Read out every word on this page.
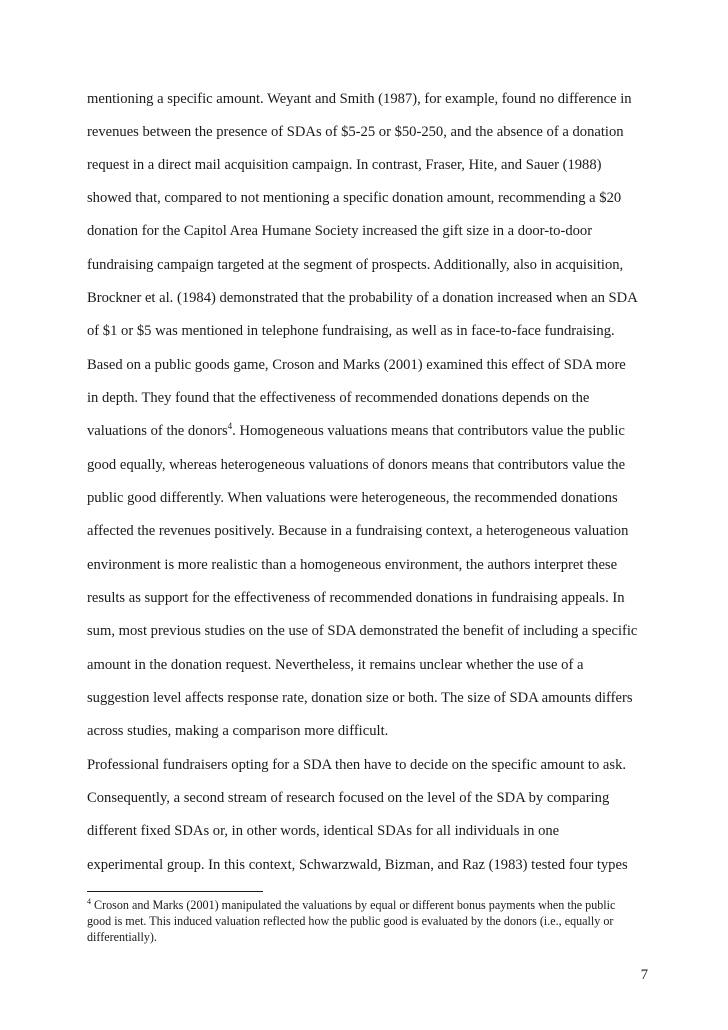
mentioning a specific amount. Weyant and Smith (1987), for example, found no difference in
revenues between the presence of SDAs of $5-25 or $50-250, and the absence of a donation
request in a direct mail acquisition campaign. In contrast, Fraser, Hite, and Sauer (1988)
showed that, compared to not mentioning a specific donation amount, recommending a $20
donation for the Capitol Area Humane Society increased the gift size in a door-to-door
fundraising campaign targeted at the segment of prospects. Additionally, also in acquisition,
Brockner et al. (1984) demonstrated that the probability of a donation increased when an SDA
of $1 or $5 was mentioned in telephone fundraising, as well as in face-to-face fundraising.
Based on a public goods game, Croson and Marks (2001) examined this effect of SDA more
in depth. They found that the effectiveness of recommended donations depends on the
valuations of the donors$^4$. Homogeneous valuations means that contributors value the public
good equally, whereas heterogeneous valuations of donors means that contributors value the
public good differently. When valuations were heterogeneous, the recommended donations
affected the revenues positively. Because in a fundraising context, a heterogeneous valuation
environment is more realistic than a homogeneous environment, the authors interpret these
results as support for the effectiveness of recommended donations in fundraising appeals. In
sum, most previous studies on the use of SDA demonstrated the benefit of including a specific
amount in the donation request. Nevertheless, it remains unclear whether the use of a
suggestion level affects response rate, donation size or both. The size of SDA amounts differs
across studies, making a comparison more difficult.
Professional fundraisers opting for a SDA then have to decide on the specific amount to ask.
Consequently, a second stream of research focused on the level of the SDA by comparing
different fixed SDAs or, in other words, identical SDAs for all individuals in one
experimental group. In this context, Schwarzwald, Bizman, and Raz (1983) tested four types
$^4$ Croson and Marks (2001) manipulated the valuations by equal or different bonus payments when the public
good is met. This induced valuation reflected how the public good is evaluated by the donors (i.e., equally or
differentially).
7
